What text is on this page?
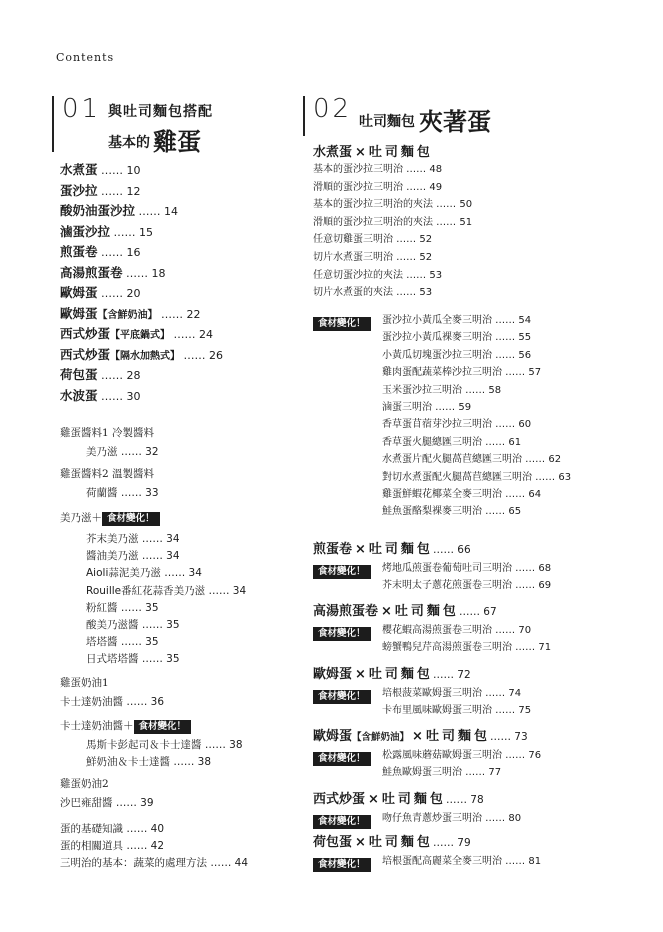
Contents
01 與吐司麵包搭配
基本的 雞蛋
水煮蛋 …… 10
蛋沙拉 …… 12
酸奶油蛋沙拉 …… 14
滷蛋沙拉 …… 15
煎蛋卷 …… 16
高湯煎蛋卷 …… 18
歐姆蛋 …… 20
歐姆蛋【含鮮奶油】 …… 22
西式炒蛋【平底鍋式】 …… 24
西式炒蛋【隔水加熱式】 …… 26
荷包蛋 …… 28
水波蛋 …… 30
雞蛋醬料1 冷製醬料
美乃滋 …… 32
雞蛋醬料2 溫製醬料
荷蘭醬 …… 33
美乃滋＋ 食材變化！
芥末美乃滋 …… 34
醬油美乃滋 …… 34
Aioli蒜泥美乃滋 …… 34
Rouille番紅花蒜香美乃滋 …… 34
粉紅醬 …… 35
酸美乃滋醬 …… 35
塔塔醬 …… 35
日式塔塔醬 …… 35
雞蛋奶油1
卡士達奶油醬 …… 36
卡士達奶油醬＋ 食材變化！
馬斯卡彭起司＆卡士達醬 …… 38
鮮奶油＆卡士達醬 …… 38
雞蛋奶油2
沙巴雍甜醬 …… 39
蛋的基礎知識 …… 40
蛋的相關道具 …… 42
三明治的基本：蔬菜的處理方法 …… 44
02 吐司麵包 夾著蛋
水煮蛋 × 吐司麵包
基本的蛋沙拉三明治 …… 48
滑順的蛋沙拉三明治 …… 49
基本的蛋沙拉三明治的夾法 …… 50
滑順的蛋沙拉三明治的夾法 …… 51
任意切雞蛋三明治 …… 52
切片水煮蛋三明治 …… 52
任意切蛋沙拉的夾法 …… 53
切片水煮蛋的夾法 …… 53
食材變化！	蛋沙拉小黃瓜全麥三明治 …… 54
蛋沙拉小黃瓜裸麥三明治 …… 55
小黃瓜切塊蛋沙拉三明治 …… 56
雞肉蛋配蔬菜棒沙拉三明治 …… 57
玉米蛋沙拉三明治 …… 58
滷蛋三明治 …… 59
香草蛋苜蓿芽沙拉三明治 …… 60
香草蛋火腿總匯三明治 …… 61
水煮蛋片配火腿萵苣總匯三明治 …… 62
對切水煮蛋配火腿萵苣總匯三明治 …… 63
雞蛋鮮蝦花椰菜全麥三明治 …… 64
鮭魚蛋酪梨裸麥三明治 …… 65
煎蛋卷 × 吐司麵包…… 66
食材變化！	烤地瓜煎蛋卷葡萄吐司三明治 …… 68
芥末明太子蔥花煎蛋卷三明治 …… 69
高湯煎蛋卷 × 吐司麵包…… 67
食材變化！	櫻花蝦高湯煎蛋卷三明治 …… 70
螃蟹鴨兒芹高湯煎蛋卷三明治 …… 71
歐姆蛋 × 吐司麵包…… 72
食材變化！	培根菠菜歐姆蛋三明治 …… 74
卡布里風味歐姆蛋三明治 …… 75
歐姆蛋【含鮮奶油】 × 吐司麵包…… 73
食材變化！	松露風味蘑菇歐姆蛋三明治 …… 76
鮭魚歐姆蛋三明治 …… 77
西式炒蛋 × 吐司麵包…… 78
食材變化！	吻仔魚青蔥炒蛋三明治 …… 80
荷包蛋 × 吐司麵包…… 79
食材變化！	培根蛋配高麗菜全麥三明治 …… 81
